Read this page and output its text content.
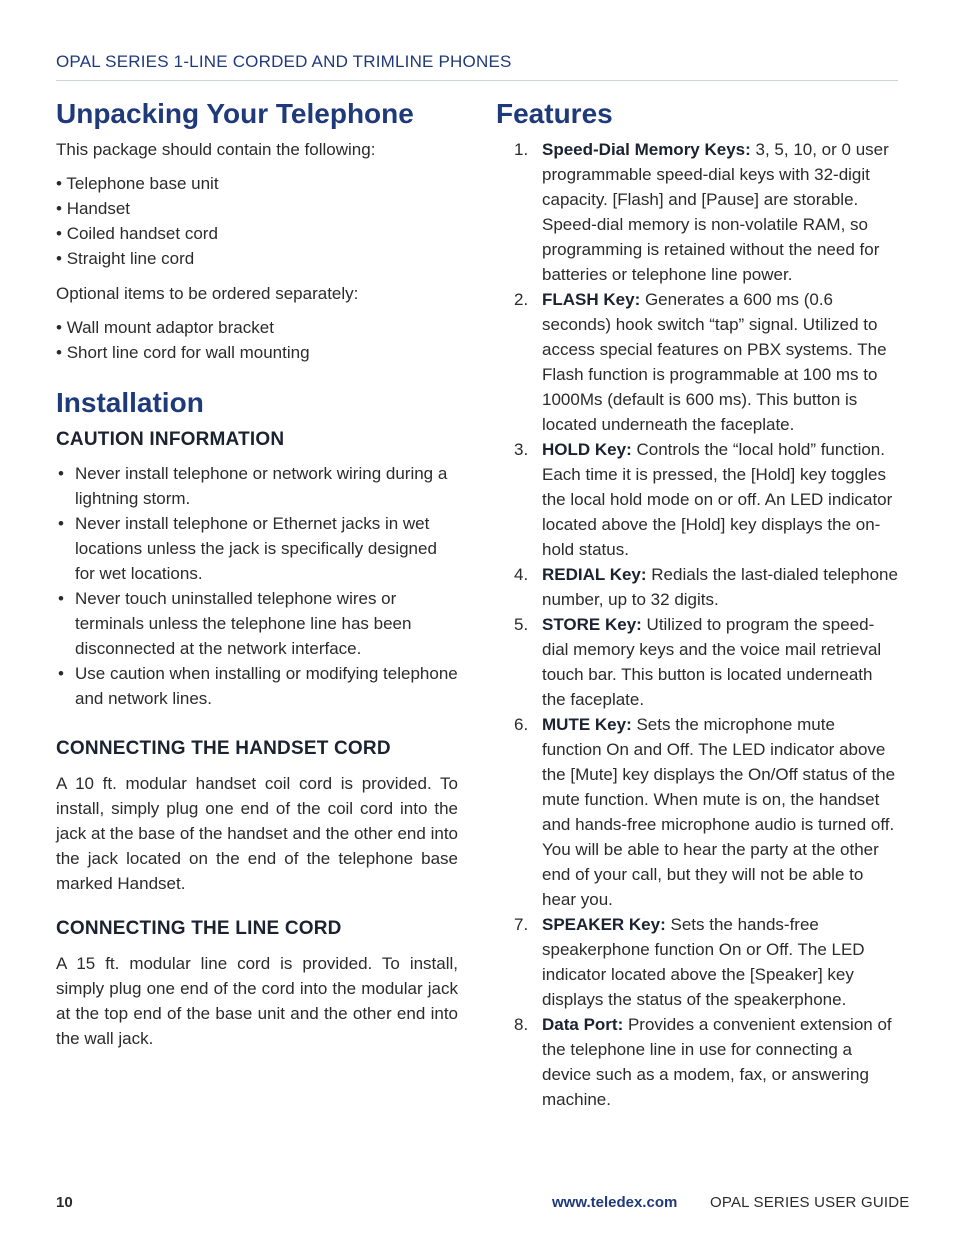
OPAL SERIES 1-LINE CORDED AND TRIMLINE PHONES
Unpacking Your Telephone

This package should contain the following:

• Telephone base unit
• Handset
• Coiled handset cord
• Straight line cord

Optional items to be ordered separately:

• Wall mount adaptor bracket
• Short line cord for wall mounting
Installation
CAUTION INFORMATION
• Never install telephone or network wiring during a lightning storm.
• Never install telephone or Ethernet jacks in wet locations unless the jack is specifically designed for wet locations.
• Never touch uninstalled telephone wires or terminals unless the telephone line has been disconnected at the network interface.
• Use caution when installing or modifying telephone and network lines.
CONNECTING THE HANDSET CORD

A 10 ft. modular handset coil cord is provided. To install, simply plug one end of the coil cord into the jack at the base of the handset and the other end into the jack located on the end of the telephone base marked Handset.

CONNECTING THE LINE CORD

A 15 ft. modular line cord is provided. To install, simply plug one end of the cord into the modular jack at the top end of the base unit and the other end into the wall jack.

Features
1. Speed-Dial Memory Keys: 3, 5, 10, or 0 user programmable speed-dial keys with 32-digit capacity. [Flash] and [Pause] are storable. Speed-dial memory is non-volatile RAM, so programming is retained without the need for batteries or telephone line power.
2. FLASH Key: Generates a 600 ms (0.6 seconds) hook switch “tap” signal. Utilized to access special features on PBX systems. The Flash function is programmable at 100 ms to 1000Ms (default is 600 ms). This button is located underneath the faceplate.
3. HOLD Key: Controls the “local hold” function. Each time it is pressed, the [Hold] key toggles the local hold mode on or off. An LED indicator located above the [Hold] key displays the on-hold status.
4. REDIAL Key: Redials the last-dialed telephone number, up to 32 digits.
5. STORE Key: Utilized to program the speed-dial memory keys and the voice mail retrieval touch bar. This button is located underneath the faceplate.
6. MUTE Key: Sets the microphone mute function On and Off. The LED indicator above the [Mute] key displays the On/Off status of the mute function. When mute is on, the handset and hands-free microphone audio is turned off. You will be able to hear the party at the other end of your call, but they will not be able to hear you.
7. SPEAKER Key: Sets the hands-free speakerphone function On or Off. The LED indicator located above the [Speaker] key displays the status of the speakerphone.
8. Data Port: Provides a convenient extension of the telephone line in use for connecting a device such as a modem, fax, or answering machine.
10	www.teledex.com OPAL SERIES USER GUIDE
